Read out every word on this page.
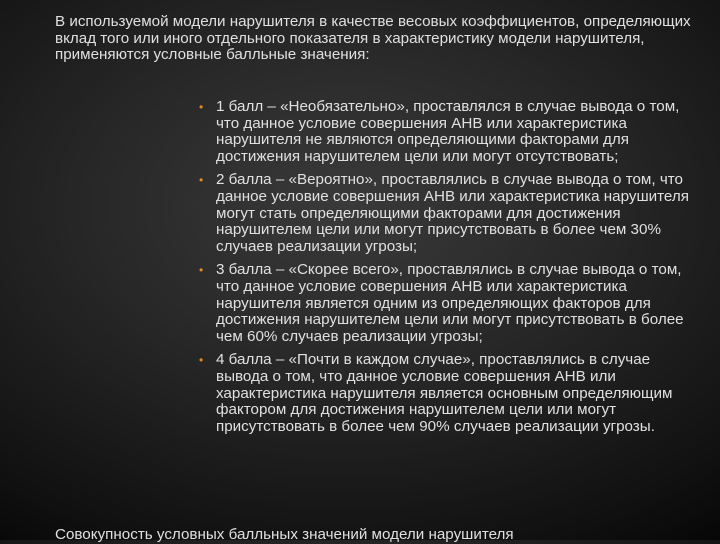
В используемой модели нарушителя в качестве весовых коэффициентов, определяющих вклад того или иного отдельного показателя в характеристику модели нарушителя, применяются условные балльные значения:

• 1 балл – «Необязательно», проставлялся в случае вывода о том, что данное условие совершения АНВ или характеристика нарушителя не являются определяющими факторами для достижения нарушителем цели или могут отсутствовать;
• 2 балла – «Вероятно», проставлялись в случае вывода о том, что данное условие совершения АНВ или характеристика нарушителя могут стать определяющими факторами для достижения нарушителем цели или могут присутствовать в более чем 30% случаев реализации угрозы;
• 3 балла – «Скорее всего», проставлялись в случае вывода о том, что данное условие совершения АНВ или характеристика нарушителя является одним из определяющих факторов для достижения нарушителем цели или могут присутствовать в более чем 60% случаев реализации угрозы;
• 4 балла – «Почти в каждом случае», проставлялись в случае вывода о том, что данное условие совершения АНВ или характеристика нарушителя является основным определяющим фактором для достижения нарушителем цели или могут присутствовать в более чем 90% случаев реализации угрозы.

Совокупность условных балльных значений модели нарушителя
